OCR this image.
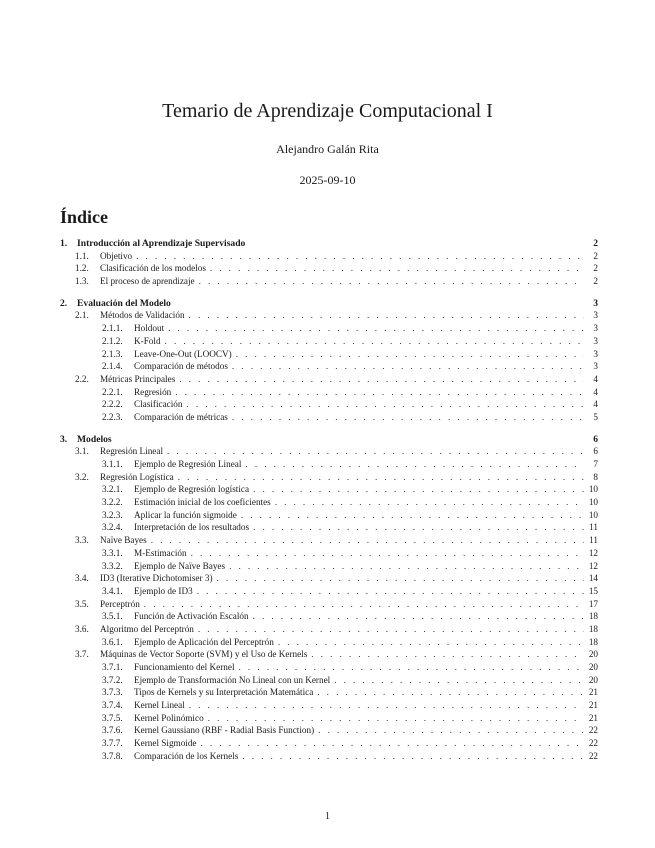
Temario de Aprendizaje Computacional I
Alejandro Galán Rita
2025-09-10
Índice
1.	Introducción al Aprendizaje Supervisado	2
1.1.	Objetivo . . .	2
1.2.	Clasificación de los modelos . . .	2
1.3.	El proceso de aprendizaje . . .	2
2.	Evaluación del Modelo	3
2.1.	Métodos de Validación . . .	3
2.1.1.	Holdout . . .	3
2.1.2.	K-Fold . . .	3
2.1.3.	Leave-One-Out (LOOCV) . . .	3
2.1.4.	Comparación de métodos . . .	3
2.2.	Métricas Principales . . .	4
2.2.1.	Regresión . . .	4
2.2.2.	Clasificación . . .	4
2.2.3.	Comparación de métricas . . .	5
3.	Modelos	6
3.1.	Regresión Lineal . . .	6
3.1.1.	Ejemplo de Regresión Lineal . . .	7
3.2.	Regresión Logística . . .	8
3.2.1.	Ejemplo de Regresión logística . . .	10
3.2.2.	Estimación inicial de los coeficientes . . .	10
3.2.3.	Aplicar la función sigmoide . . .	10
3.2.4.	Interpretación de los resultados . . .	11
3.3.	Naïve Bayes . . .	11
3.3.1.	M-Estimación . . .	12
3.3.2.	Ejemplo de Naïve Bayes . . .	12
3.4.	ID3 (Iterative Dichotomiser 3) . . .	14
3.4.1.	Ejemplo de ID3 . . .	15
3.5.	Perceptrón . . .	17
3.5.1.	Función de Activación Escalón . . .	18
3.6.	Algoritmo del Perceptrón . . .	18
3.6.1.	Ejemplo de Aplicación del Perceptrón . . .	18
3.7.	Máquinas de Vector Soporte (SVM) y el Uso de Kernels . . .	20
3.7.1.	Funcionamiento del Kernel . . .	20
3.7.2.	Ejemplo de Transformación No Lineal con un Kernel . . .	20
3.7.3.	Tipos de Kernels y su Interpretación Matemática . . .	21
3.7.4.	Kernel Lineal . . .	21
3.7.5.	Kernel Polinómico . . .	21
3.7.6.	Kernel Gaussiano (RBF - Radial Basis Function) . . .	22
3.7.7.	Kernel Sigmoide . . .	22
3.7.8.	Comparación de los Kernels . . .	22
1
